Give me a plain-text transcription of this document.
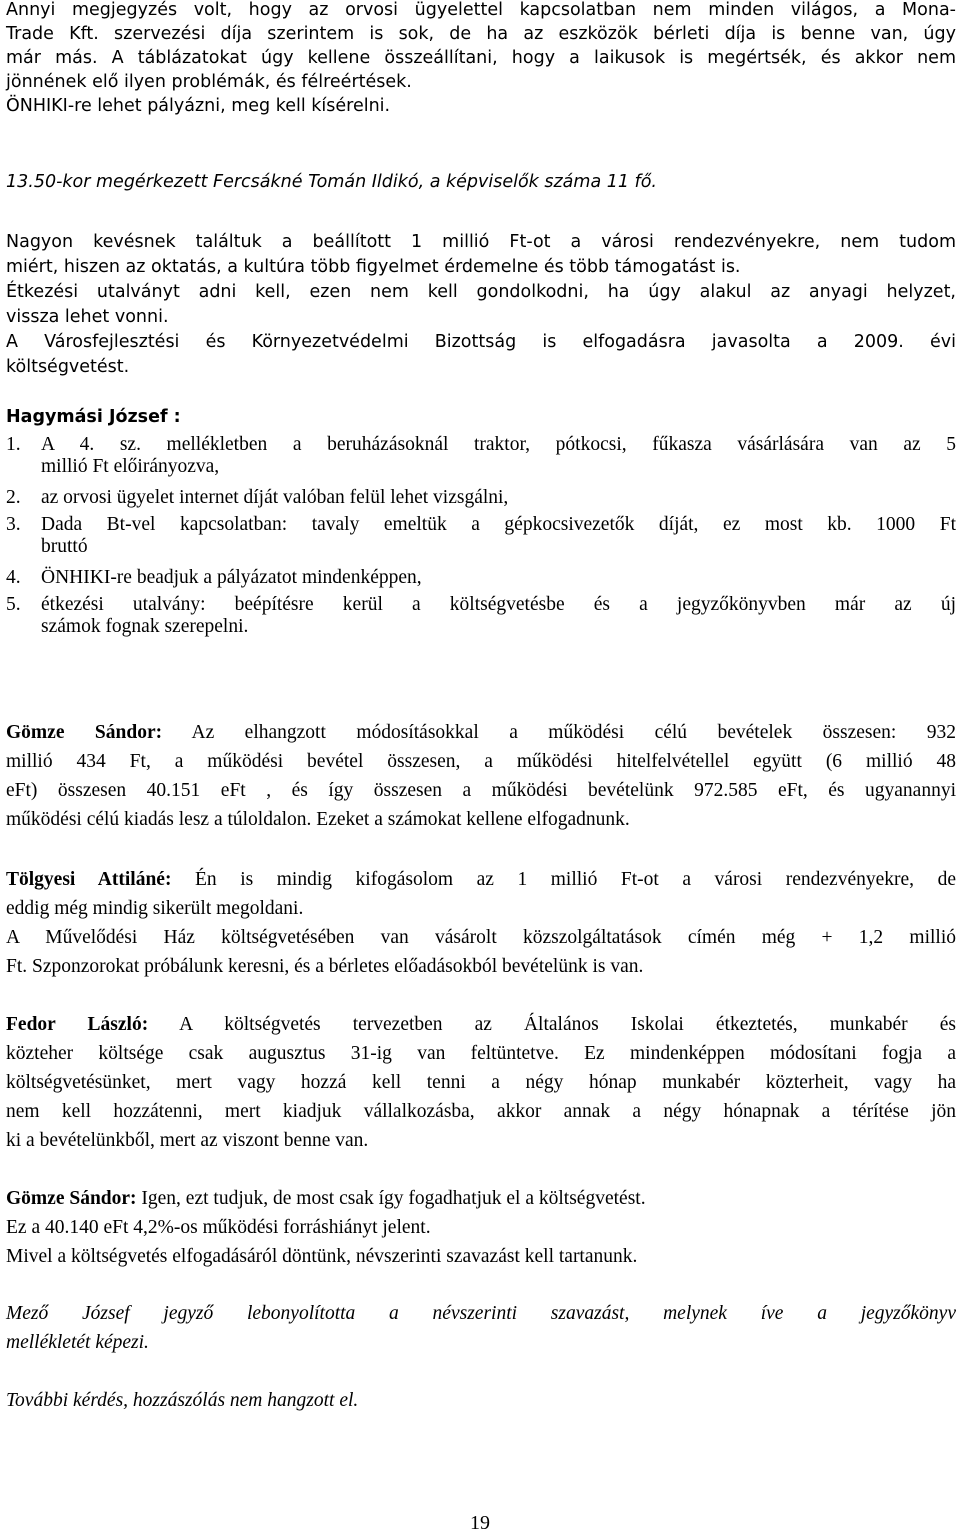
Annyi megjegyzés volt, hogy az orvosi ügyelettel kapcsolatban nem minden világos, a Mona-
Trade Kft. szervezési díja szerintem is sok, de ha az eszközök bérleti díja is benne van, úgy
már más. A táblázatokat úgy kellene összeállítani, hogy a laikusok is megértsék, és akkor nem
jönnének elő ilyen problémák, és félreértések.
ÖNHIKI-re lehet pályázni, meg kell kísérelni.
13.50-kor megérkezett Fercsákné Tomán Ildikó, a képviselők száma 11 fő.
Nagyon kevésnek találtuk a beállított 1 millió Ft-ot a városi rendezvényekre, nem tudom
miért, hiszen az oktatás, a kultúra több figyelmet érdemelne és több támogatást is.
Étkezési utalványt adni kell, ezen nem kell gondolkodni, ha úgy alakul az anyagi helyzet,
vissza lehet vonni.
A Városfejlesztési és Környezetvédelmi Bizottság is elfogadásra javasolta a 2009. évi
költségvetést.
Hagymási József :
1. A 4. sz. mellékletben a beruházásoknál traktor, pótkocsi, fűkasza vásárlására van az 5
millió Ft előirányozva,
2. az orvosi ügyelet internet díját valóban felül lehet vizsgálni,
3. Dada Bt-vel kapcsolatban: tavaly emeltük a gépkocsivezetők díját, ez most kb. 1000 Ft
bruttó
4. ÖNHIKI-re beadjuk a pályázatot mindenképpen,
5. étkezési utalvány: beépítésre kerül a költségvetésbe és a jegyzőkönyvben már az új
számok fognak szerepelni.
Gömze Sándor: Az elhangzott módosításokkal a működési célú bevételek összesen: 932
millió 434 Ft, a működési bevétel összesen, a működési hitelfelvétellel együtt (6 millió 48
eFt) összesen 40.151 eFt , és így összesen a működési bevételünk 972.585 eFt, és ugyanannyi
működési célú kiadás lesz a túloldalon. Ezeket a számokat kellene elfogadnunk.
Tölgyesi Attiláné: Én is mindig kifogásolom az 1 millió Ft-ot a városi rendezvényekre, de
eddig még mindig sikerült megoldani.
A Művelődési Ház költségvetésében van vásárolt közszolgáltatások címén még + 1,2 millió
Ft. Szponzorokat próbálunk keresni, és a bérletes előadásokból bevételünk is van.
Fedor László: A költségvetés tervezetben az Általános Iskolai étkeztetés, munkabér és
közteher költsége csak augusztus 31-ig van feltüntetve. Ez mindenképpen módosítani fogja a
költségvetésünket, mert vagy hozzá kell tenni a négy hónap munkabér közterheit, vagy ha
nem kell hozzátenni, mert kiadjuk vállalkozásba, akkor annak a négy hónapnak a térítése jön
ki a bevételünkből, mert az viszont benne van.
Gömze Sándor: Igen, ezt tudjuk, de most csak így fogadhatjuk el a költségvetést.
Ez a 40.140 eFt 4,2%-os működési forráshiányt jelent.
Mivel a költségvetés elfogadásáról döntünk, névszerinti szavazást kell tartanunk.
Mező József jegyző lebonyolította a névszerinti szavazást, melynek íve a jegyzőkönyv
mellékletét képezi.
További kérdés, hozzászólás nem hangzott el.
19
